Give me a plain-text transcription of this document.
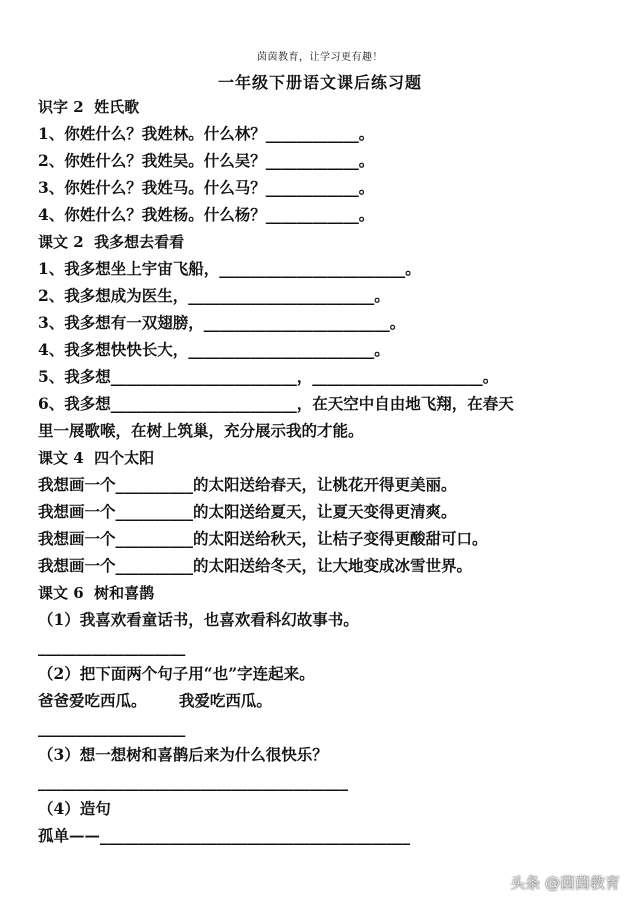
茵茵教育，让学习更有趣！
一年级下册语文课后练习题
识字 2  姓氏歌
1、你姓什么？我姓林。什么林？____________。
2、你姓什么？我姓吴。什么吴？____________。
3、你姓什么？我姓马。什么马？____________。
4、你姓什么？我姓杨。什么杨？____________。
课文 2  我多想去看看
1、我多想坐上宇宙飞船，________________________。
2、我多想成为医生，________________________。
3、我多想有一双翅膀，________________________。
4、我多想快快长大，________________________。
5、我多想________________________，______________________。
6、我多想________________________，在天空中自由地飞翔，在春天
里一展歌喉，在树上筑巢，充分展示我的才能。
课文 4  四个太阳
我想画一个__________的太阳送给春天，让桃花开得更美丽。
我想画一个__________的太阳送给夏天，让夏天变得更清爽。
我想画一个__________的太阳送给秋天，让桔子变得更酸甜可口。
我想画一个__________的太阳送给冬天，让大地变成冰雪世界。
课文 6  树和喜鹊
（1）我喜欢看童话书，也喜欢看科幻故事书。
___________________
（2）把下面两个句子用“也”字连起来。
爸爸爱吃西瓜。      我爱吃西瓜。
___________________
（3）想一想树和喜鹊后来为什么很快乐？
________________________________________
（4）造句
孤单——________________________________________
头条 @茵茵教育
